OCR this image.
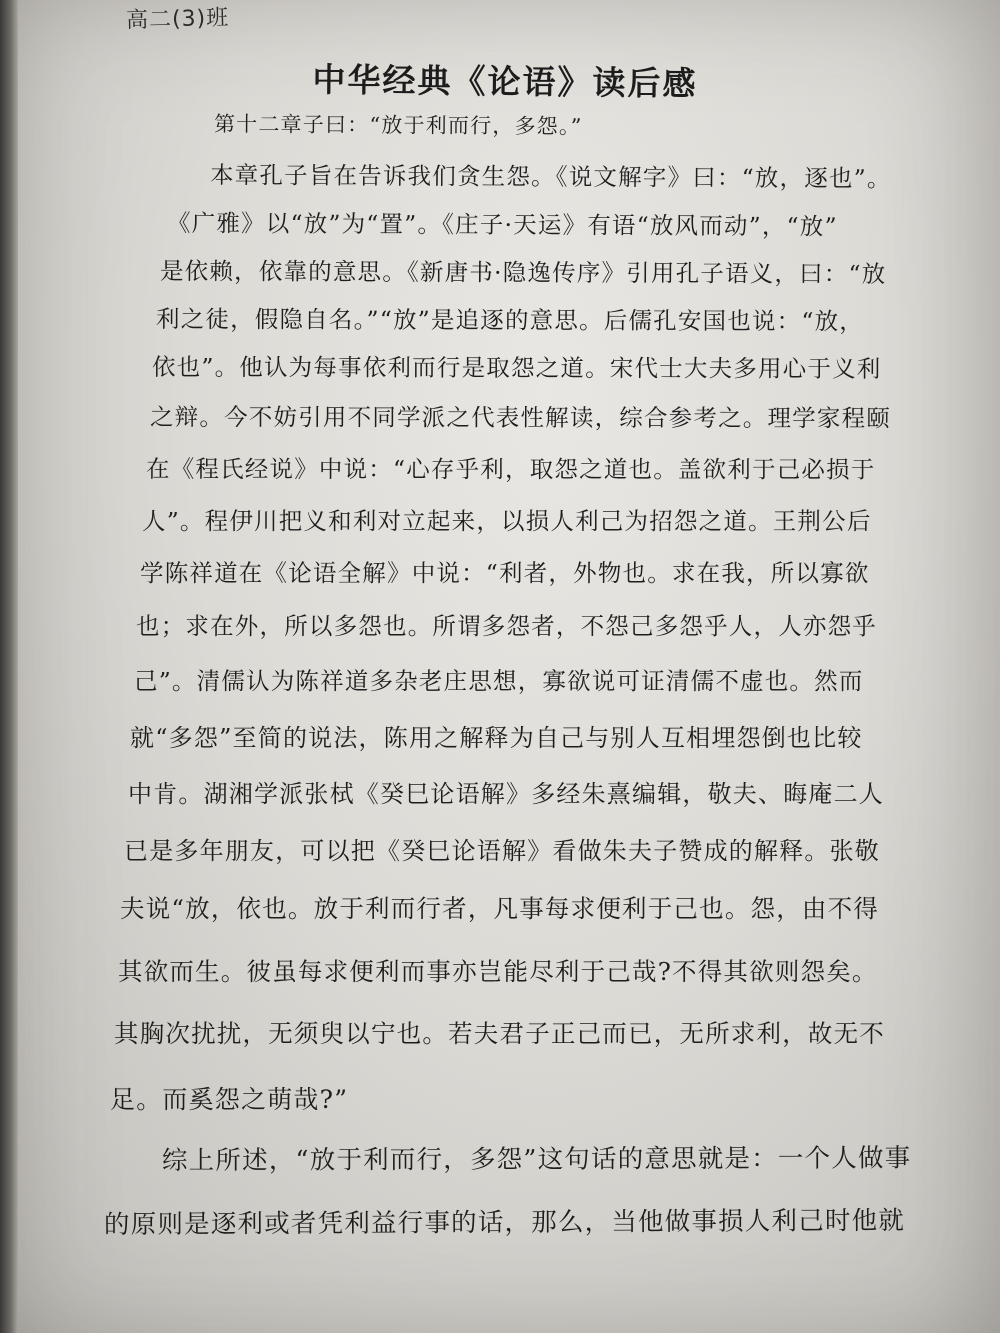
高二(3)班
中华经典《论语》读后感
第十二章子曰：“放于利而行，多怨。”
本章孔子旨在告诉我们贪生怨。《说文解字》曰：“放，逐也”。
《广雅》以“放”为“置”。《庄子·天运》有语“放风而动”，“放”
是依赖，依靠的意思。《新唐书·隐逸传序》引用孔子语义，曰：“放
利之徒，假隐自名。”“放”是追逐的意思。后儒孔安国也说：“放，
依也”。他认为每事依利而行是取怨之道。宋代士大夫多用心于义利
之辩。今不妨引用不同学派之代表性解读，综合参考之。理学家程颐
在《程氏经说》中说：“心存乎利，取怨之道也。盖欲利于己必损于
人”。程伊川把义和利对立起来，以损人利己为招怨之道。王荆公后
学陈祥道在《论语全解》中说：“利者，外物也。求在我，所以寡欲
也；求在外，所以多怨也。所谓多怨者，不怨己多怨乎人，人亦怨乎
己”。清儒认为陈祥道多杂老庄思想，寡欲说可证清儒不虚也。然而
就“多怨”至简的说法，陈用之解释为自己与别人互相埋怨倒也比较
中肯。湖湘学派张栻《癸巳论语解》多经朱熹编辑，敬夫、晦庵二人
已是多年朋友，可以把《癸巳论语解》看做朱夫子赞成的解释。张敬
夫说“放，依也。放于利而行者，凡事每求便利于己也。怨，由不得
其欲而生。彼虽每求便利而事亦岂能尽利于己哉?不得其欲则怨矣。
其胸次扰扰，无须臾以宁也。若夫君子正己而已，无所求利，故无不
足。而奚怨之萌哉?”
综上所述，“放于利而行，多怨”这句话的意思就是：一个人做事
的原则是逐利或者凭利益行事的话，那么，当他做事损人利己时他就
